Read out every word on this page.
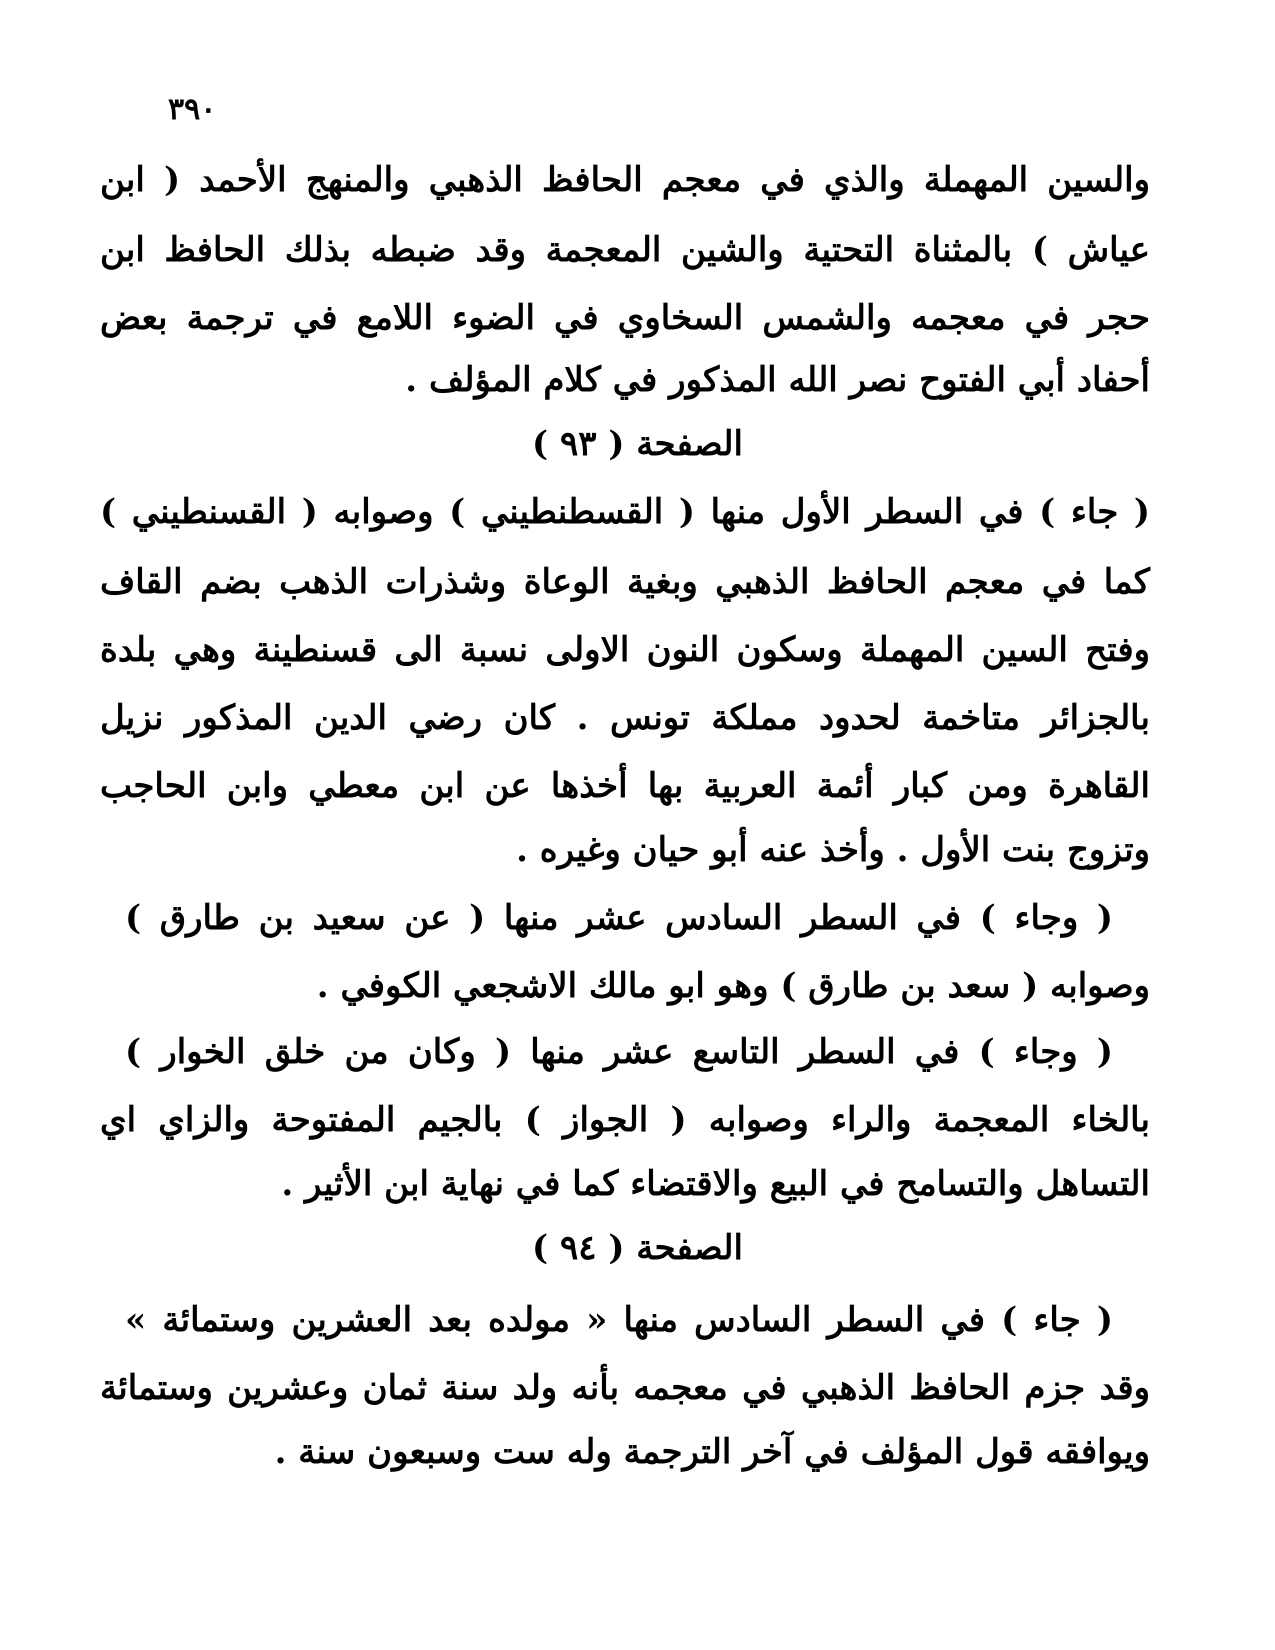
٣٩٠
والسين المهملة والذي في معجم الحافظ الذهبي والمنهج الأحمد ( ابن
عياش ) بالمثناة التحتية والشين المعجمة وقد ضبطه بذلك الحافظ ابن
حجر في معجمه والشمس السخاوي في الضوء اللامع في ترجمة بعض
أحفاد أبي الفتوح نصر الله المذكور في كلام المؤلف .
الصفحة ( ٩٣ )
( جاء ) في السطر الأول منها ( القسطنطيني ) وصوابه ( القسنطيني )
كما في معجم الحافظ الذهبي وبغية الوعاة وشذرات الذهب بضم القاف
وفتح السين المهملة وسكون النون الاولى نسبة الى قسنطينة وهي بلدة
بالجزائر متاخمة لحدود مملكة تونس . كان رضي الدين المذكور نزيل
القاهرة ومن كبار أئمة العربية بها أخذها عن ابن معطي وابن الحاجب
وتزوج بنت الأول . وأخذ عنه أبو حيان وغيره .
( وجاء ) في السطر السادس عشر منها ( عن سعيد بن طارق )
وصوابه ( سعد بن طارق ) وهو ابو مالك الاشجعي الكوفي .
( وجاء ) في السطر التاسع عشر منها ( وكان من خلق الخوار )
بالخاء المعجمة والراء وصوابه ( الجواز ) بالجيم المفتوحة والزاي اي
التساهل والتسامح في البيع والاقتضاء كما في نهاية ابن الأثير .
الصفحة ( ٩٤ )
( جاء ) في السطر السادس منها « مولده بعد العشرين وستمائة »
وقد جزم الحافظ الذهبي في معجمه بأنه ولد سنة ثمان وعشرين وستمائة
ويوافقه قول المؤلف في آخر الترجمة وله ست وسبعون سنة .
